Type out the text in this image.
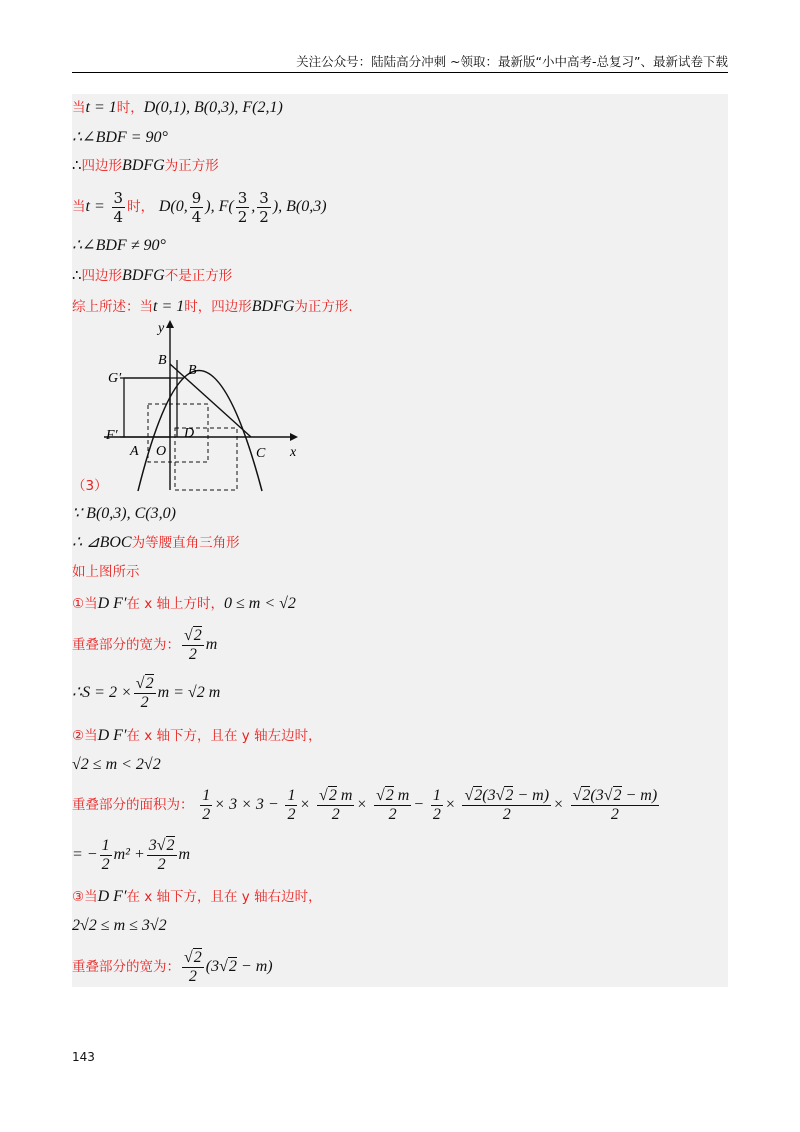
关注公众号：陆陆高分冲刺 ~领取：最新版“小中高考-总复习”、最新试卷下载
当t = 1时，D(0,1), B(0,3), F(2,1)
∴∠BDF = 90°
∴四边形BDFG为正方形
当$t = \frac{3}{4}$ 时， D(0, $\frac{9}{4}$ ), $F( \frac{3}{2}$ , $\frac{3}{2}$ ), B(0,3)
∴∠BDF ≠ 90°
∴四边形BDFG不是正方形
综上所述：当t = 1时，四边形BDFG为正方形.
y
x
B
B
G′
F′
A O
D
C
（3）
∵ B(0,3), C(3,0)
∴ ⊿BOC为等腰直角三角形
如上图所示
①当D F′在 x 轴上方时，0 ≤ m < √2
重叠部分的宽为： $\frac{√2}{2}$ m
∴S = $2 \times \frac{√2}{2}$ m = √2 m
②当D F′在 x 轴下方，且在 y 轴左边时，
√2 ≤ m < 2√2
重叠部分的面积为： $\frac{1}{2} \times 3 \times 3 - \frac{1}{2} \times \frac{√2 m}{2} \times \frac{√2 m}{2} - \frac{1}{2} \times \frac{√2(3√2 - m)}{2} \times \frac{√2(3√2 - m)}{2}$
= − $\frac{1}{2} m^2 + \frac{3√2}{2}$ m
③当D F′在 x 轴下方，且在 y 轴右边时，
2√2 ≤ m ≤ 3√2
重叠部分的宽为： $\frac{√2}{2} (3√2 - m)$
143
